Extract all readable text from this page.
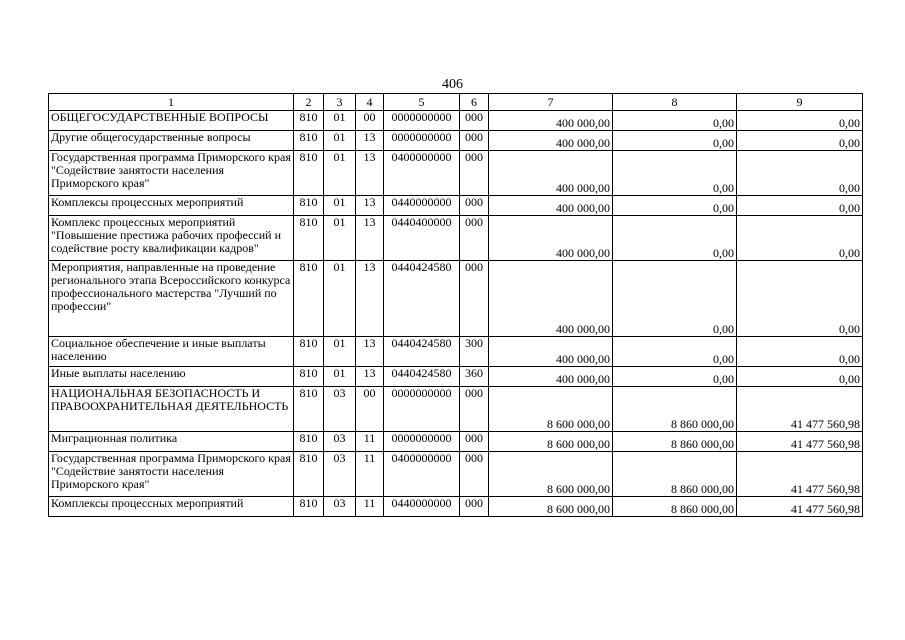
406
1	2	3	4	5	6	7	8	9
ОБЩЕГОСУДАРСТВЕННЫЕ ВОПРОСЫ	810	01	00	0000000000	000	400 000,00	0,00	0,00
Другие общегосударственные вопросы	810	01	13	0000000000	000	400 000,00	0,00	0,00
Государственная программа Приморского края "Содействие занятости населения Приморского края"	810	01	13	0400000000	000	400 000,00	0,00	0,00
Комплексы процессных мероприятий	810	01	13	0440000000	000	400 000,00	0,00	0,00
Комплекс процессных мероприятий "Повышение престижа рабочих профессий и содействие росту квалификации кадров"	810	01	13	0440400000	000	400 000,00	0,00	0,00
Мероприятия, направленные на проведение регионального этапа Всероссийского конкурса профессионального мастерства "Лучший по профессии"	810	01	13	0440424580	000	400 000,00	0,00	0,00
Социальное обеспечение и иные выплаты населению	810	01	13	0440424580	300	400 000,00	0,00	0,00
Иные выплаты населению	810	01	13	0440424580	360	400 000,00	0,00	0,00
НАЦИОНАЛЬНАЯ БЕЗОПАСНОСТЬ И ПРАВООХРАНИТЕЛЬНАЯ ДЕЯТЕЛЬНОСТЬ	810	03	00	0000000000	000	8 600 000,00	8 860 000,00	41 477 560,98
Миграционная политика	810	03	11	0000000000	000	8 600 000,00	8 860 000,00	41 477 560,98
Государственная программа Приморского края "Содействие занятости населения Приморского края"	810	03	11	0400000000	000	8 600 000,00	8 860 000,00	41 477 560,98
Комплексы процессных мероприятий	810	03	11	0440000000	000	8 600 000,00	8 860 000,00	41 477 560,98
